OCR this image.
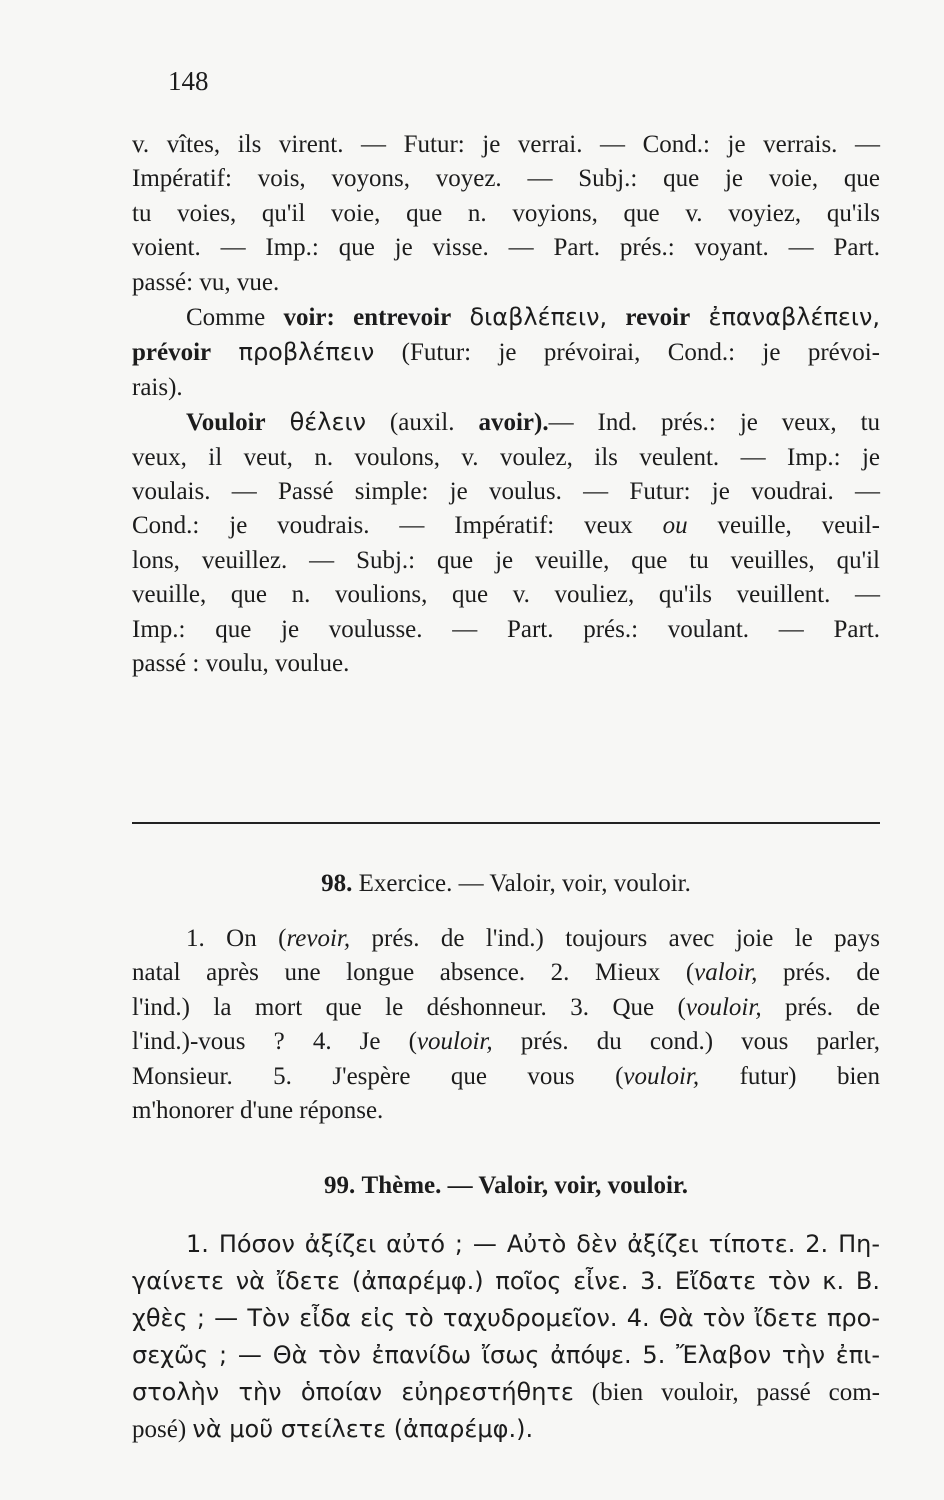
148
v. vîtes, ils virent. — Futur: je verrai. — Cond.: je verrais. —
Impératif: vois, voyons, voyez. — Subj.: que je voie, que
tu voies, qu'il voie, que n. voyions, que v. voyiez, qu'ils
voient. — Imp.: que je visse. — Part. prés.: voyant. — Part.
passé: vu, vue.
Comme voir: entrevoir διαβλέπειν, revoir ἐπαναβλέπειν,
prévoir προβλέπειν (Futur: je prévoirai, Cond.: je prévoi-
rais).
Vouloir θέλειν (auxil. avoir).— Ind. prés.: je veux, tu
veux, il veut, n. voulons, v. voulez, ils veulent. — Imp.: je
voulais. — Passé simple: je voulus. — Futur: je voudrai. —
Cond.: je voudrais. — Impératif: veux ou veuille, veuil-
lons, veuillez. — Subj.: que je veuille, que tu veuilles, qu'il
veuille, que n. voulions, que v. vouliez, qu'ils veuillent. —
Imp.: que je voulusse. — Part. prés.: voulant. — Part.
passé : voulu, voulue.
98. Exercice. — Valoir, voir, vouloir.
1. On (revoir, prés. de l'ind.) toujours avec joie le pays
natal après une longue absence. 2. Mieux (valoir, prés. de
l'ind.) la mort que le déshonneur. 3. Que (vouloir, prés. de
l'ind.)-vous ? 4. Je (vouloir, prés. du cond.) vous parler,
Monsieur. 5. J'espère que vous (vouloir, futur) bien
m'honorer d'une réponse.
99. Thème. — Valoir, voir, vouloir.
1. Πόσον ἀξίζει αὐτό ; — Αὐτὸ δὲν ἀξίζει τίποτε. 2. Πη-
γαίνετε νὰ ἴδετε (ἀπαρέμφ.) ποῖος εἶνε. 3. Εἴδατε τὸν κ. Β.
χθὲς ; — Τὸν εἶδα εἰς τὸ ταχυδρομεῖον. 4. Θὰ τὸν ἴδετε προ-
σεχῶς ; — Θὰ τὸν ἐπανίδω ἴσως ἀπόψε. 5. Ἔλαβον τὴν ἐπι-
στολὴν τὴν ὁποίαν εὐηρεστήθητε (bien vouloir, passé com-
posé) νὰ μοῦ στείλετε (ἀπαρέμφ.).
